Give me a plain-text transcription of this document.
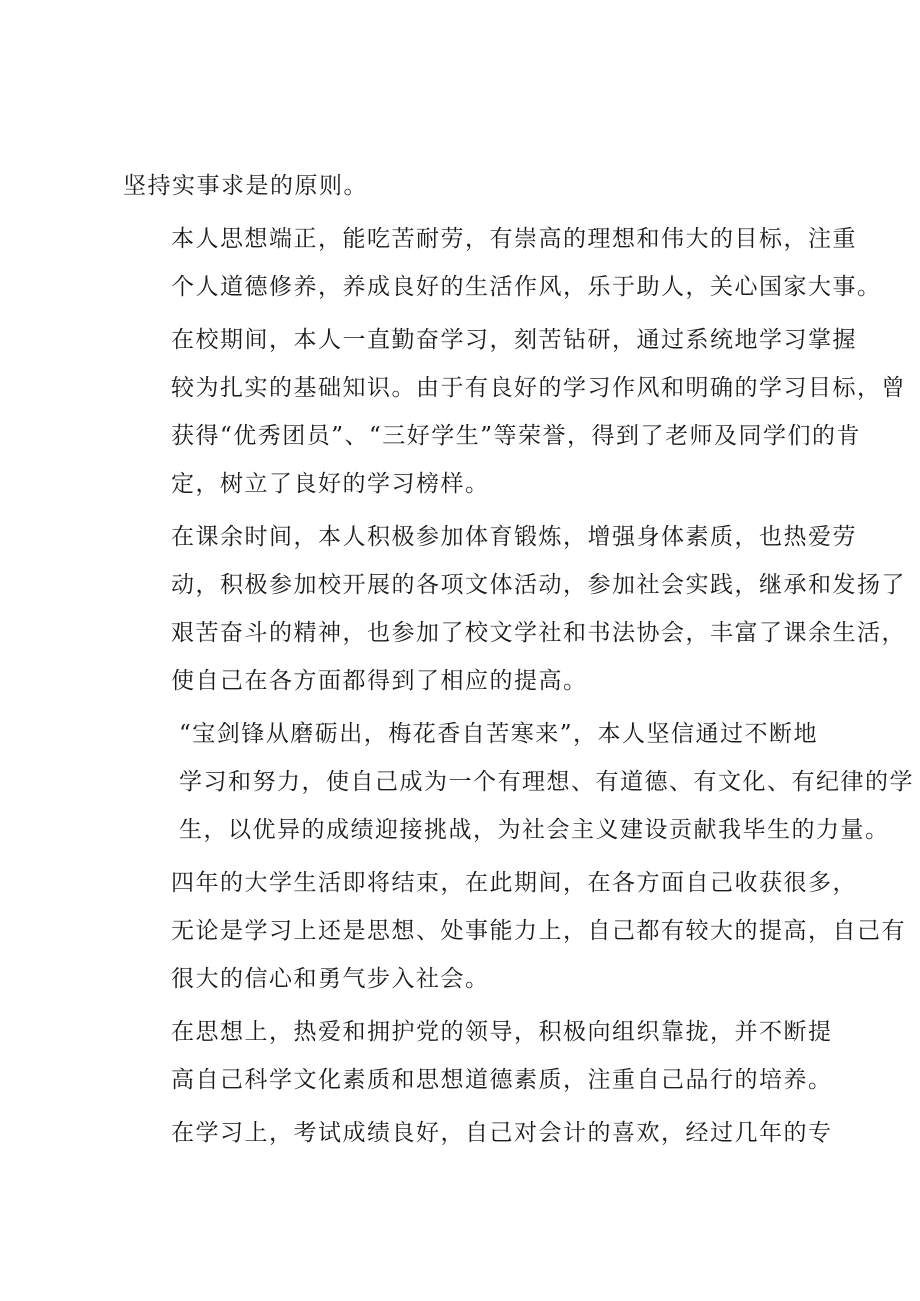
坚持实事求是的原则。

本人思想端正，能吃苦耐劳，有崇高的理想和伟大的目标，注重
个人道德修养，养成良好的生活作风，乐于助人，关心国家大事。

在校期间，本人一直勤奋学习，刻苦钻研，通过系统地学习掌握
较为扎实的基础知识。由于有良好的学习作风和明确的学习目标，曾
获得“优秀团员”、“三好学生”等荣誉，得到了老师及同学们的肯
定，树立了良好的学习榜样。

在课余时间，本人积极参加体育锻炼，增强身体素质，也热爱劳
动，积极参加校开展的各项文体活动，参加社会实践，继承和发扬了
艰苦奋斗的精神，也参加了校文学社和书法协会，丰富了课余生活，
使自己在各方面都得到了相应的提高。

“宝剑锋从磨砺出，梅花香自苦寒来”，本人坚信通过不断地
学习和努力，使自己成为一个有理想、有道德、有文化、有纪律的学
生，以优异的成绩迎接挑战，为社会主义建设贡献我毕生的力量。

四年的大学生活即将结束，在此期间，在各方面自己收获很多，
无论是学习上还是思想、处事能力上，自己都有较大的提高，自己有
很大的信心和勇气步入社会。

在思想上，热爱和拥护党的领导，积极向组织靠拢，并不断提
高自己科学文化素质和思想道德素质，注重自己品行的培养。

在学习上，考试成绩良好，自己对会计的喜欢，经过几年的专
